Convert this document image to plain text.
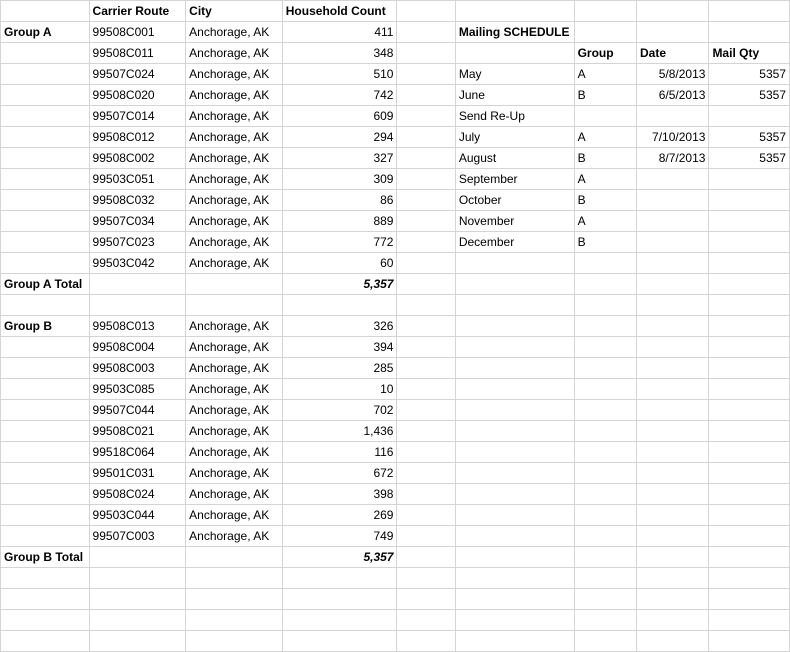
	Carrier Route	City	Household Count					
Group A	99508C001	Anchorage, AK	411		Mailing SCHEDULE			
	99508C011	Anchorage, AK	348			Group	Date	Mail Qty
	99507C024	Anchorage, AK	510		May	A	5/8/2013	5357
	99508C020	Anchorage, AK	742		June	B	6/5/2013	5357
	99507C014	Anchorage, AK	609		Send Re-Up			
	99508C012	Anchorage, AK	294		July	A	7/10/2013	5357
	99508C002	Anchorage, AK	327		August	B	8/7/2013	5357
	99503C051	Anchorage, AK	309		September	A		
	99508C032	Anchorage, AK	86		October	B		
	99507C034	Anchorage, AK	889		November	A		
	99507C023	Anchorage, AK	772		December	B		
	99503C042	Anchorage, AK	60					
Group A Total			5,357					

Group B	99508C013	Anchorage, AK	326					
	99508C004	Anchorage, AK	394					
	99508C003	Anchorage, AK	285					
	99503C085	Anchorage, AK	10					
	99507C044	Anchorage, AK	702					
	99508C021	Anchorage, AK	1,436					
	99518C064	Anchorage, AK	116					
	99501C031	Anchorage, AK	672					
	99508C024	Anchorage, AK	398					
	99503C044	Anchorage, AK	269					
	99507C003	Anchorage, AK	749					
Group B Total			5,357					
